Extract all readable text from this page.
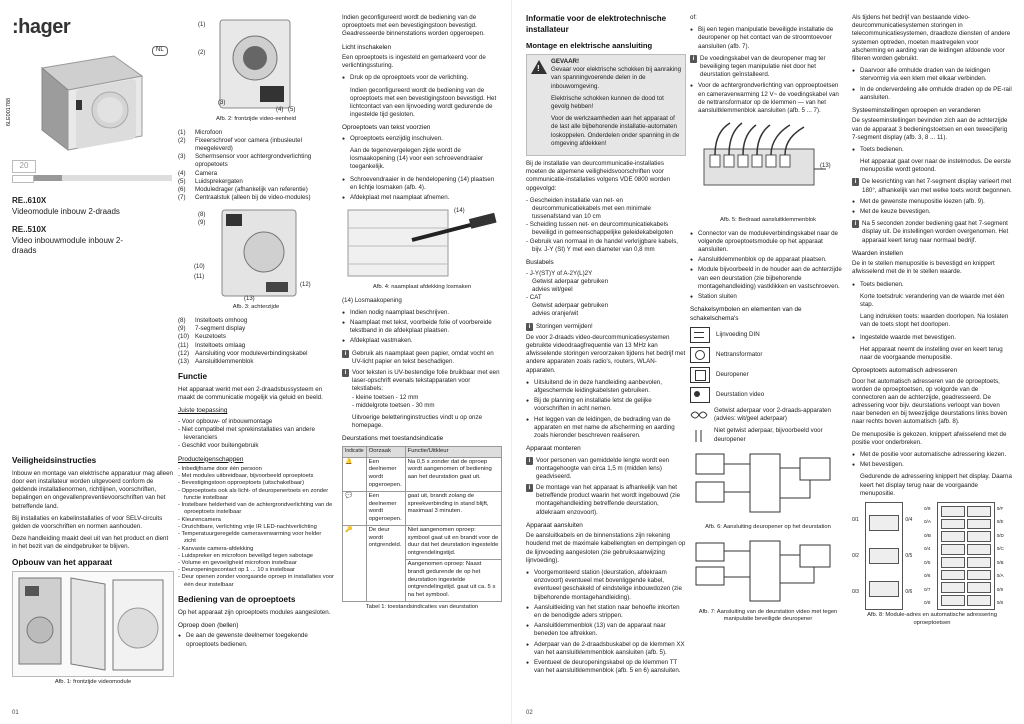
:hager
NL
6LE001788
20
RE..610X
Videomodule inbouw 2-draads
RE..510X
Video inbouwmodule inbouw 2-draads
Veiligheidsinstructies

Inbouw en montage van elektrische apparatuur mag alleen door een installateur worden uitgevoerd conform de geldende installatienormen, richtlijnen, voorschriften, bepalingen en ongevallenpreventievoorschriften van het betreffende land.

Bij installaties en kabelinstallaties of voor SELV-circuits gelden de voorschriften en normen aanhouden.

Deze handleiding maakt deel uit van het product en dient in het bezit van de eindgebruiker te blijven.

Opbouw van het apparaat
Afb. 1: frontzijde videomodule
01
(1)
(2)
(3)
(4) (5)
Afb. 2: frontzijde video-eenheid
(1)	Microfoon
(2)	Fixeerschroef voor camera (inbusleutel meegeleverd)
(3)	Schermsensor voor achtergrondverlichting opropetoets
(4)	Camera
(5)	Luidsprekergaten
(6)	Moduledrager (afhankelijk van referentie)
(7)	Centraalstuk (alleen bij de video-modules)
(8)
(9)
(10)
(11)
(12)
(13)
Afb. 3: achterzijde
(8)	Insteltoets omhoog
(9)	7-segment display
(10) Keuzetoets
(11)	Insteltoets omlaag
(12) Aansluiting voor moduleverbindingskabel
(13) Aansluitklemmenblok
Functie

Het apparaat werkt met een 2-draadsbussysteem en maakt de communicatie mogelijk via geluid en beeld.

Juiste toepassing
- Voor opbouw- of inbouwmontage
- Niet compatibel met sprekinstallaties van andere leveranciers
- Geschikt voor buitengebruik
Producteigenschappen
- Inbedijfname door één persoon
- Met modules uitbreidbaar, bijvoorbeeld oproeptoets
- Bevestigingstoon opproeptoets (uitschakelbaar)
- Opproeptoets ook als licht- of deuropenertoets en zonder functie instelbaar
- Instelbare helderheid van de achtergrondverlichting van de oproeptoets instelbaar
- Kleurencamera
- Onzichtbare, verlichting vrije IR LED-nachtverlichting
- Temperatuurgeregelde cameraverwarming voor helder zicht
- Kanvaste camera-afdekking
- Luidspreker en microfoon beveiligd tegen sabotage
- Volume en gevoeligheid microfoon instelbaar
- Deuropeningscontact op 1 ... 10 s instelbaar
- Deur openen zonder voorgaande oproep in installaties voor één deur instelbaar
Bediening van de oproeptoets

Op het apparaat zijn oproeptoets modules aangesloten.

Oproep doen (bellen)
● De aan de gewenste deelnemer toegekende oproeptoets bedienen.

Indien geconfigureerd wordt de bediening van de oproeptoets met een bevestigingstoon bevestigd. Geadresseerde binnenstations worden opgeroepen.

Licht inschakelen

Een oproeptoets is ingesteld en gemarkeerd voor de verlichtingssturing.

● Druk op de oproeptoets voor de verlichting.

Indien geconfigureerd wordt de bediening van de oproeptoets met een bevestigingstoon bevestigd. Het lichtcontact van een lijnvoeding wordt gedurende de ingestelde tijd gesloten.

Oproeptoets van tekst voorzien
● Oproeptoets eenzijdig inschuiven.

Aan de tegenovergelegen zijde wordt de losmaakopening (14) voor een schroevendraaier toegankelijk.

● Schroevendraaier in de hendelopening (14) plaatsen en lichtje losmaken (afb. 4).
● Afdekplaat met naamplaat afnemen.
(14)
Afb. 4: naamplaat afdekking losmaken

(14) Losmaakopening

● Indien nodig naamplaat beschrijven.
● Naamplaat met tekst, voorbeide folie of voorbereide tekstband in de afdekplaat plaatsen.
● Afdekplaat vastmaken.
i Gebruik als naamplaat geen papier, omdat vocht en UV-licht papier en tekst beschadigen.
i Voor teksten is UV-bestendige folie bruikbaar met een laser-opschrift evenals tekstapparaten voor tekstlabels:
- kleine toetsen - 12 mm
- middelgrote toetsen - 30 mm
Uitvoerige beletteringinstructies vindt u op onze homepage.
Deurstations met toestandsindicatie
Indicatie	Oorzaak	Functie/Uitkleur
🔔	Een deelnemer wordt opgeroepen.	Na 0,5 s zonder dat de oproep wordt aangenomen of bediening aan het deurstation gaat uit.
💬	Een deelnemer wordt opgeroepen.	gaat uit, brandt zolang de spreekverbinding in stand blijft, maximaal 3 minuten.
🔑	De deur wordt ontgrendeld.	Niet aangenomen oproep: symbool gaat uit en brandt voor de duur dat het deurstation ingestelde ontgrendelingstijd.
		Aangenomen oproep: Naast brandt gedurende de op het deurstation ingestelde ontgrendelingstijd. gaat uit ca. 5 s na het symbool.
Tabel 1: toestandsindicaties van deurstation
Informatie voor de elektrotechnische installateur
Montage en elektrische aansluiting
!
GEVAAR!

Gevaar voor elektrische schokken bij aanraking van spanningvoerende delen in de inbouwomgeving.

Elektrische schokken kunnen de dood tot gevolg hebben!

Voor de werkzaamheden aan het apparaat of de last alle bijbehorende installatie-automaten loskoppelen. Onderdelen onder spanning in de omgeving afdekken!

Bij de installatie van deurcommunicatie-installaties moeten de algemene veiligheidsvoorschriften voor communicatie-installaties volgens VDE 0800 worden opgevolgd:

- Gescheiden installatie van net- en deurcommunicatiekabels met een minimale tussenafstand van 10 cm
- Scheiding tussen net- en deurcommunicatiekabels beveiligd in gemeenschappelijke geleidekabelgoten
- Gebruik van normaal in de handel verkrijgbare kabels, bijv. J-Y (St) Y met een diameter van 0,8 mm
Buslabels
- J-Y(ST)Y of A-2Y(L)2Y
Getwist aderpaar gebruiken
advies wit/geel
- CAT
Getwist aderpaar gebruiken
advies oranje/wit
i Storingen vermijden!

De voor 2-draads video-deurcommunicatiesystemen gebruikte videodraagfrequentie van 13 MHz kan afwisselende storingen veroorzaken tijdens het bedrijf met andere apparaten zoals radio's, routers, WLAN-apparaten.

● Uitsluitend de in deze handleiding aanbevolen, afgeschermde leidingkabelsten gebruiken.
● Bij de planning en installatie letst de gelijke voorschriften in acht nemen.
● Het leggen van de leidingen, de bedrading van de apparaten en met name de afscherming en aarding zoals hieronder beschreven realiseren.
Apparaat monteren
i Voor personen van gemiddelde lengte wordt een montagehoogte van circa 1,5 m (midden lens) geadviseerd.
i De montage van het apparaat is afhankelijk van het betreffende product waarin het wordt ingebouwd (zie montagehandleiding betreffende deurstation, afdekraam enzovoort).
Apparaat aansluiten

De aansluitkabels en de binnenstations zijn rekening houdend met de maximale kabellengten en dempingen op de lijnvoeding aangesloten (zie gebruiksaanwijzing lijnvoeding).

● Voorgemonteerd station (deurstation, afdekraam enzovoort) eventueel met bovenliggende kabel, eventueel geschakeld of eindstelige inbouwdozen (zie bijbehorende montagehandleiding).
● Aansluitleiding van het station naar behoefte inkorten en de benodigde aders strippen.
● Aansluitklemmenblok (13) van de apparaat naar beneden toe aftrekken.
● Aderpaar van de 2-draadsbuskabel op de klemmen XX van het aansluitklemmenblok aansluiten (afb. 5).
● Eventueel de deuropeningskabel op de klemmen TT van het aansluitklemmenblok (afb. 5 en 6) aansluiten.
02

of:

● Bij een tegen manipulatie beveiligde installatie de deuropener op het contact van de stroomtoevoer aansluiten (afb. 7).
i De voedingskabel van de deuropener mag ter beveiliging tegen manipulatie niet door het deurstation geïnstalleerd.
● Voor de achtergrondverlichting van opproeptoetsen en cameraverwarming 12 V~ de voedingskabel van de nettransformator op de klemmen — van het aansluitklemmenblok aansluiten (afb. 5 ... 7).
(13)
Afb. 5: Bedraad aansluitklemmenblok
● Connector van de moduleverbindingskabel naar de volgende oproeptoetsmodule op het apparaat aansluiten.
● Aansluitklemmenblok op de apparaat plaatsen.
● Module bijvoorbeeld in de houder aan de achterzijde van een deurstation (zie bijbehorende montagehandleiding) vastklikken en vastschroeven.
● Station sluiten
Schakelsymbolen en elementen van de schakelschema's
Lijnvoeding DIN
Nettransformator
Deuropener
Deurstation video
Getwist aderpaar voor 2-draads-apparaten (advies: wit/geel aderpaar)
Niet getwist aderpaar, bijvoorbeeld voor deuropener
Afb. 6: Aansluiting deuropener op het deurstation
Afb. 7: Aansluiting van de deurstation video met tegen manipulatie beveiligde deuropener

Als tijdens het bedrijf van bestaande video-deurcommunicatiesystemen storingen in telecommunicatiesystemen, draadloze diensten of andere systemen optreden, moeten maatregelen voor afscherming en aarding van de leidingen afdoende voor filteren worden gebruikt.

● Daarvoor alle omhulde draden van de leidingen stervormig via een klem met elkaar verbinden.
● In de onderverdeling alle omhulde draden op de PE-rail aansluiten.
Systeeminstellingen oproepen en veranderen

De systeeminstellingen bevinden zich aan de achterzijde van de apparaat 3 bedieningstoetsen en een tweecijferig 7-segment display (afb. 3, 8 ... 11).

● Toets bedienen.

Het apparaat gaat over naar de instelmodus. De eerste menupositie wordt getoond.

i De leesrichting van het 7-segment display varieert met 180°, afhankelijk van met welke toets wordt begonnen.
● Met de gewenste menupositie kiezen (afb. 9).
● Met de keuze bevestigen.
i Na 5 seconden zonder bediening gaat het 7-segment display uit. De instellingen worden overgenomen. Het apparaat keert terug naar normaal bedrijf.
Waarden instellen

De in te stellen menupositie is bevestigd en knippert afwisselend met de in te stellen waarde.

● Toets bedienen.

Korte toetsdruk: verandering van de waarde met één stap.

Lang indrukken toets: waarden doorlopen. Na loslaten van de toets stopt het doorlopen.

● Ingestelde waarde met bevestigen.

Het apparaat neemt de instelling over en keert terug naar de voorgaande menupositie.

Oproeptoets automatisch adresseren

Door het automatisch adresseren van de oproeptoets, worden de oproeptoetsen, op volgorde van de connectoren aan de achterzijde, geadresseerd. De adressering voor bijv. deurstations verloopt van boven naar beneden en bij tweezijdige deurstations links boven naar rechts boven automatisch (afb. 8).

De menupositie is gekozen. knippert afwisselend met de positie voor onderbreken.

● Met de positie voor automatische adressering kiezen.
● Met bevestigen.

Gedurende de adressering knippert het display. Daarna keert het display terug naar de voorgaande menupositie.

0/1
0/2
0/3
0/4
0/5
0/6
0/9
0/A
0/B
0/4
0/5
0/6
0/7
0/8
0/F
0/E
0/D
0/C
0/B
0/A
0/9
0/8
Afb. 8: Module-adres en automatische adressering oproeptoetsen
